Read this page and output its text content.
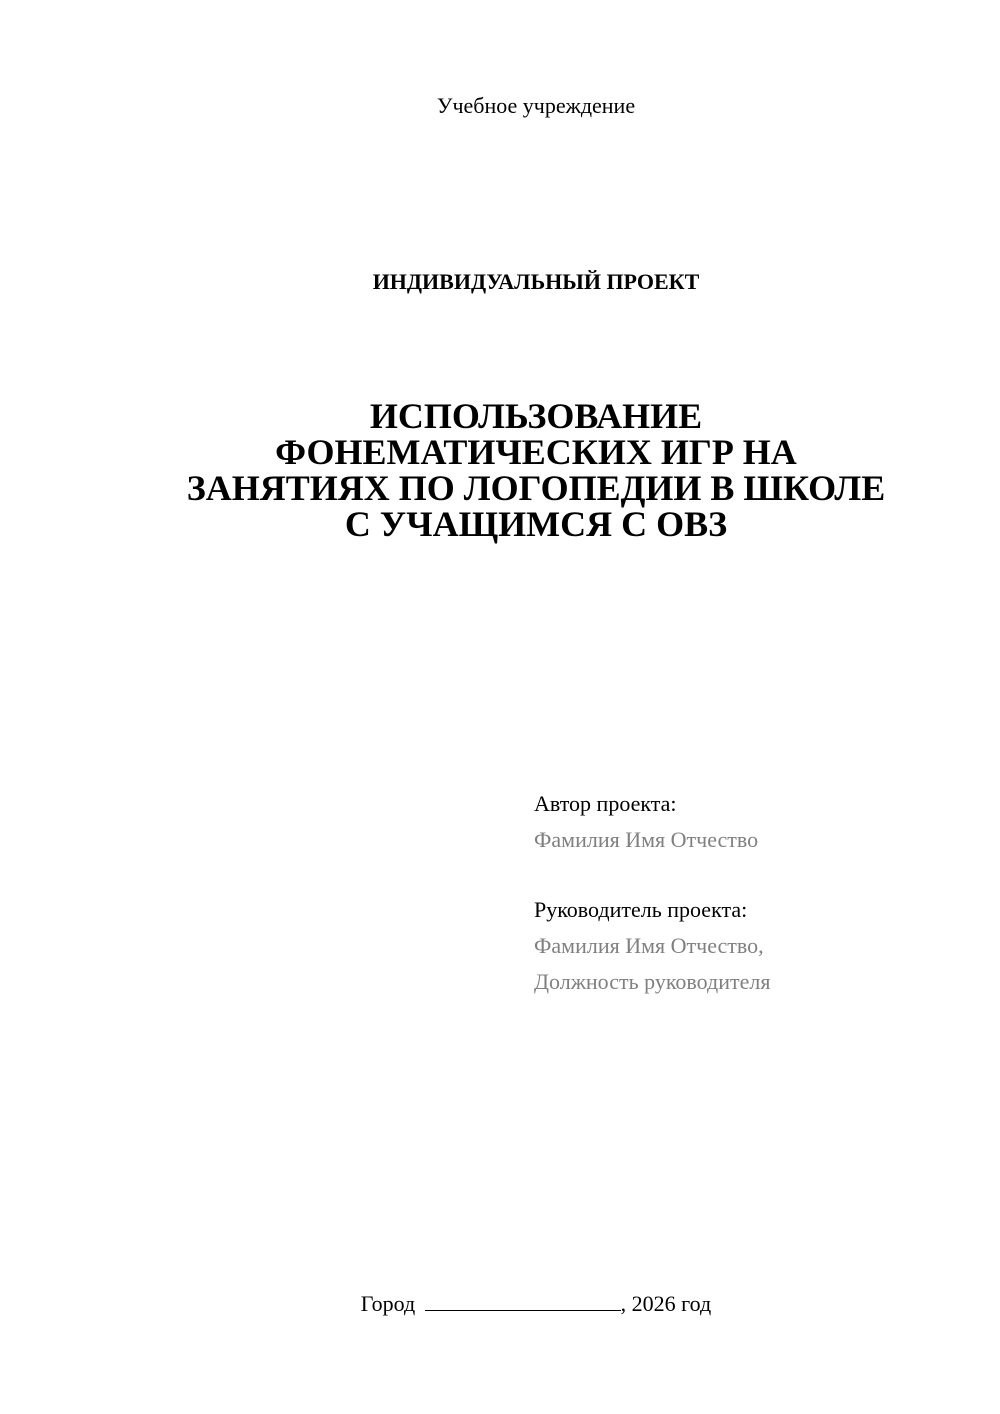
Учебное учреждение
ИНДИВИДУАЛЬНЫЙ ПРОЕКТ
ИСПОЛЬЗОВАНИЕ
ФОНЕМАТИЧЕСКИХ ИГР НА
ЗАНЯТИЯХ ПО ЛОГОПЕДИИ В ШКОЛЕ
С УЧАЩИМСЯ С ОВЗ
Автор проекта:
Фамилия Имя Отчество
Руководитель проекта:
Фамилия Имя Отчество,
Должность руководителя
Город	, 2026 год
